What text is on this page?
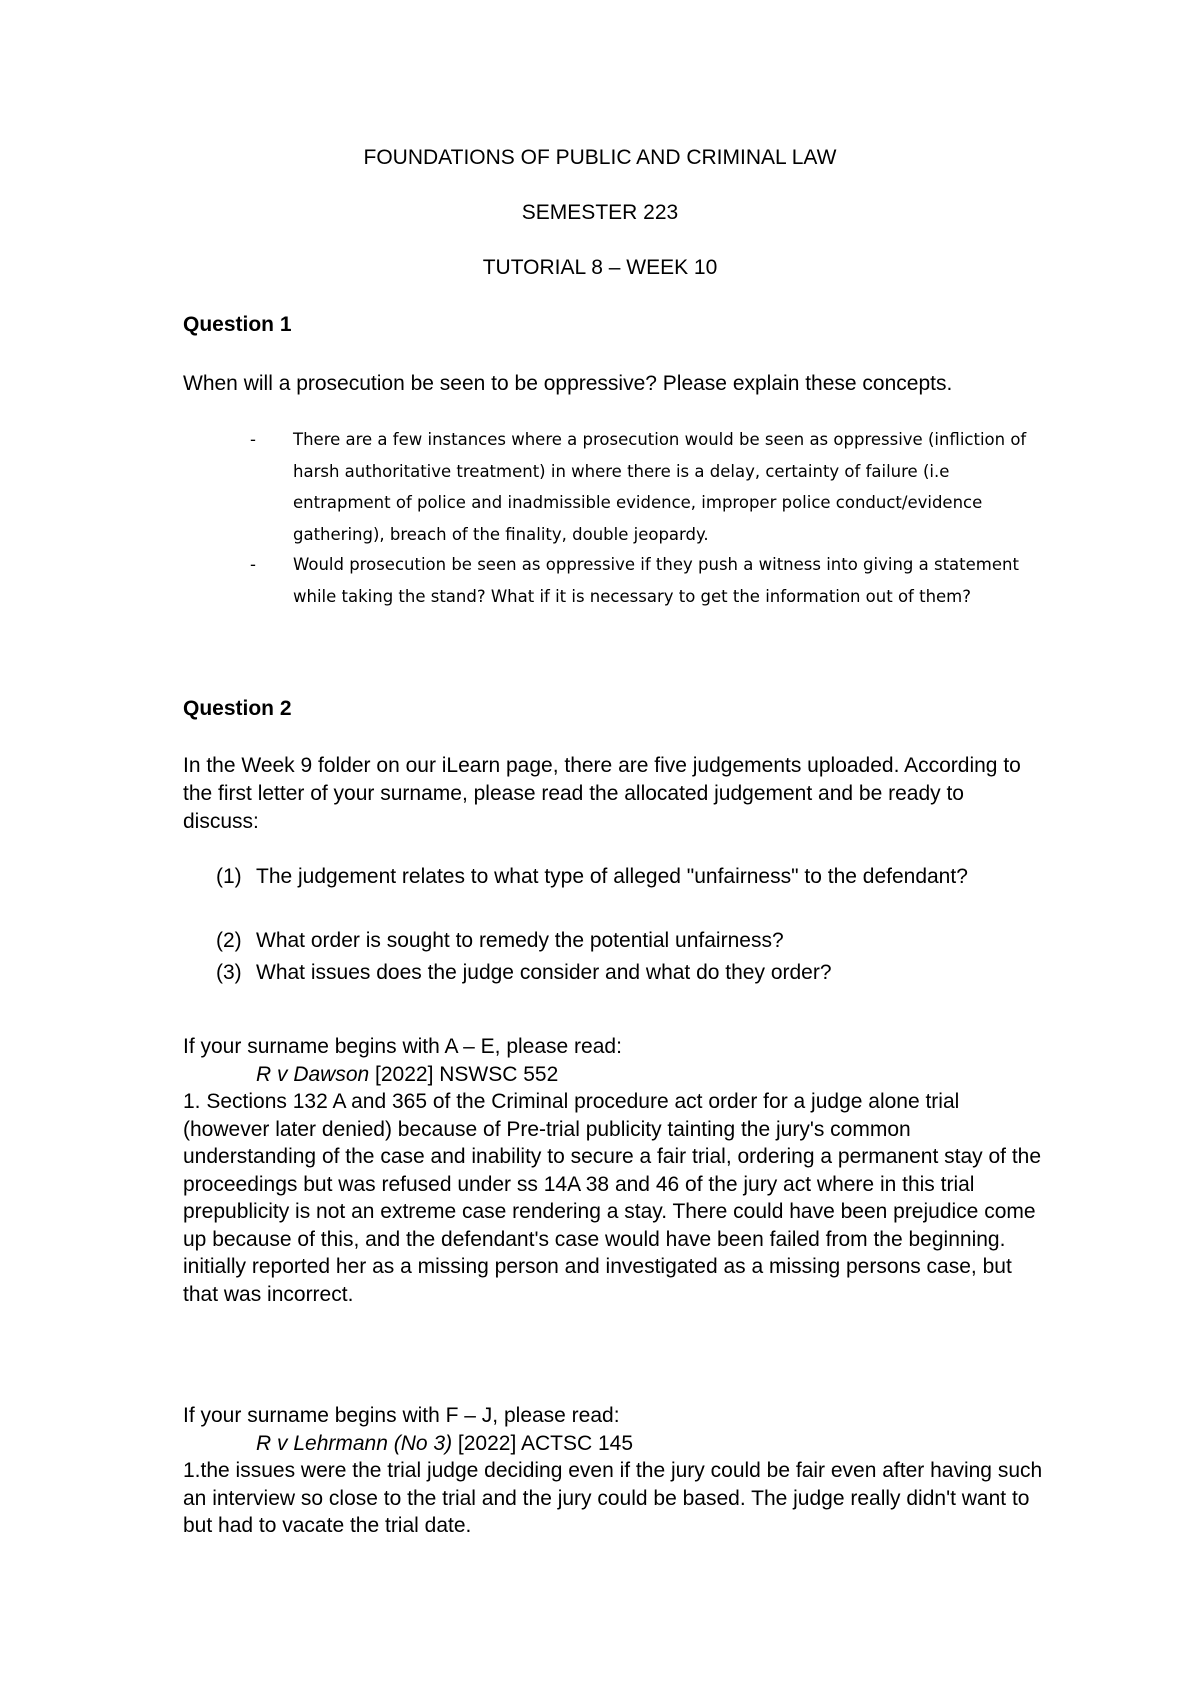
FOUNDATIONS OF PUBLIC AND CRIMINAL LAW
SEMESTER 223
TUTORIAL 8 – WEEK 10
Question 1
When will a prosecution be seen to be oppressive? Please explain these concepts.
-	There are a few instances where a prosecution would be seen as oppressive (infliction of harsh authoritative treatment) in where there is a delay, certainty of failure (i.e entrapment of police and inadmissible evidence, improper police conduct/evidence gathering), breach of the finality, double jeopardy.
-	Would prosecution be seen as oppressive if they push a witness into giving a statement while taking the stand? What if it is necessary to get the information out of them?
Question 2
In the Week 9 folder on our iLearn page, there are five judgements uploaded. According to the first letter of your surname, please read the allocated judgement and be ready to discuss:
(1) The judgement relates to what type of alleged "unfairness" to the defendant?
(2) What order is sought to remedy the potential unfairness?
(3) What issues does the judge consider and what do they order?
If your surname begins with A – E, please read:
R v Dawson [2022] NSWSC 552
1. Sections 132 A and 365 of the Criminal procedure act order for a judge alone trial (however later denied) because of Pre-trial publicity tainting the jury's common understanding of the case and inability to secure a fair trial, ordering a permanent stay of the proceedings but was refused under ss 14A 38 and 46 of the jury act where in this trial prepublicity is not an extreme case rendering a stay. There could have been prejudice come up because of this, and the defendant's case would have been failed from the beginning. initially reported her as a missing person and investigated as a missing persons case, but that was incorrect.
If your surname begins with F – J, please read:
R v Lehrmann (No 3) [2022] ACTSC 145
1.the issues were the trial judge deciding even if the jury could be fair even after having such an interview so close to the trial and the jury could be based. The judge really didn't want to but had to vacate the trial date.
